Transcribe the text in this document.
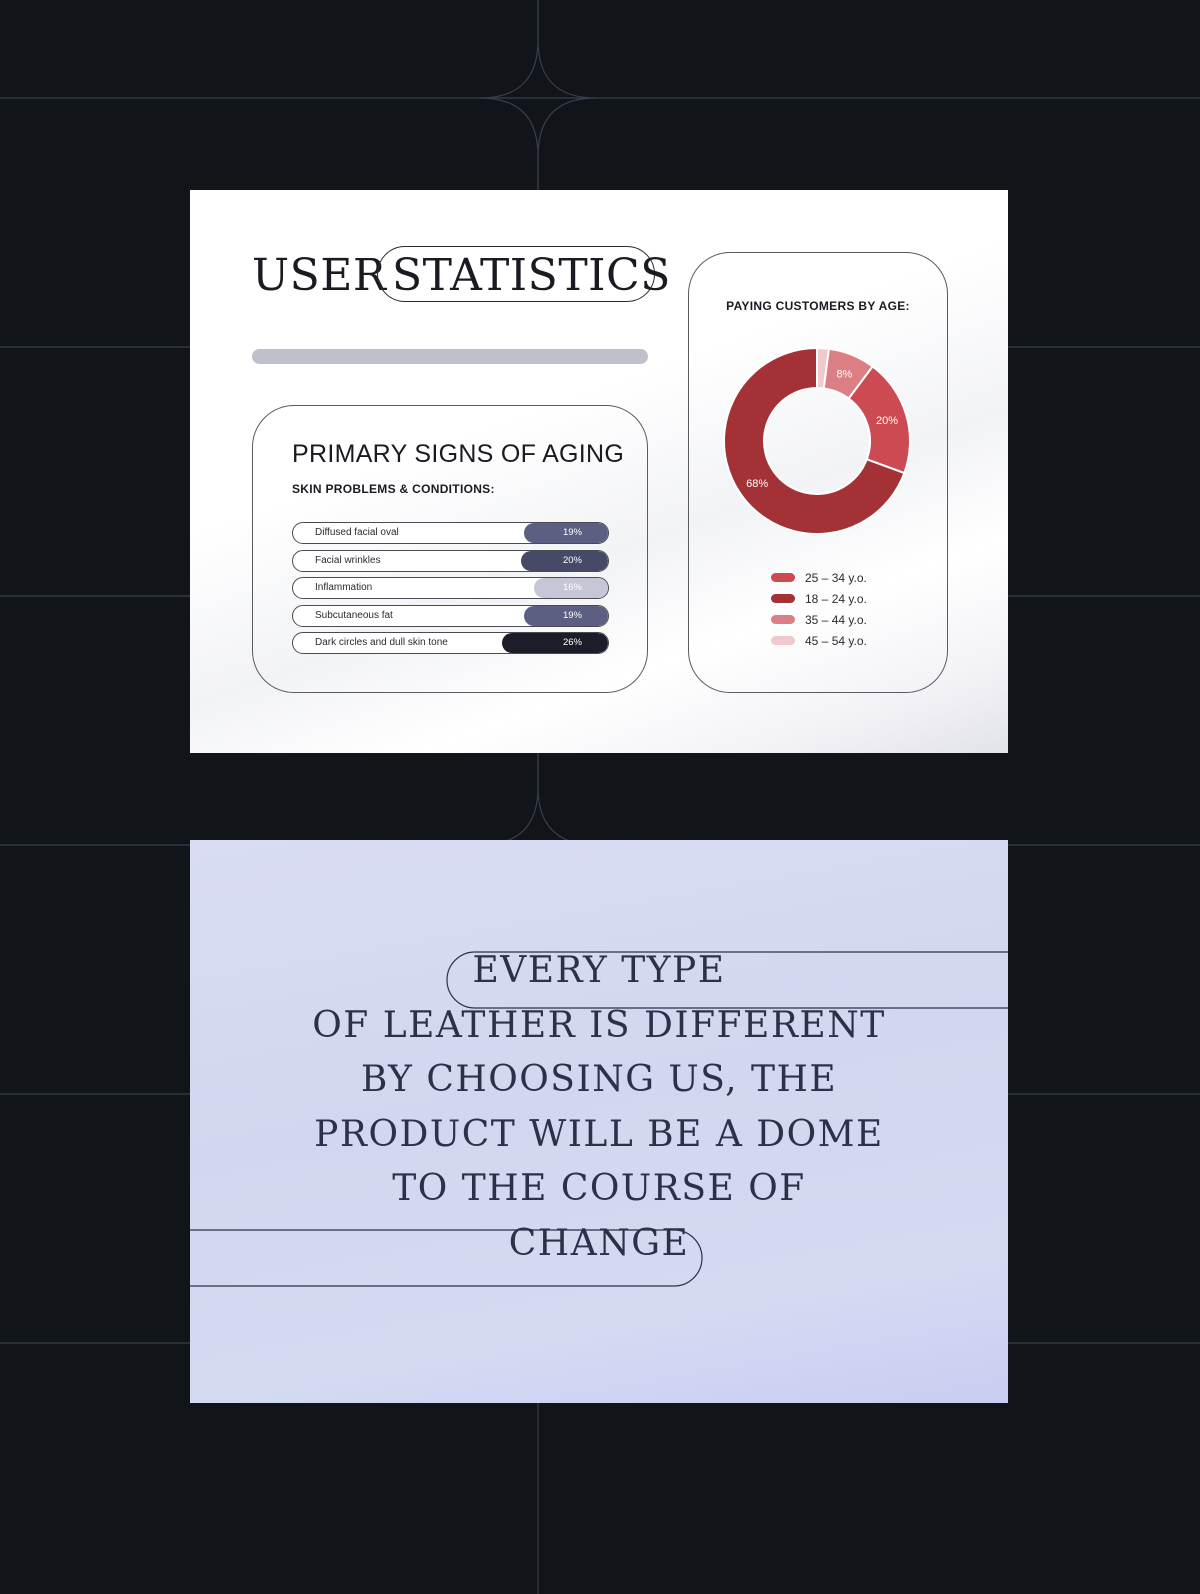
USER STATISTICS
PRIMARY SIGNS OF AGING
SKIN PROBLEMS & CONDITIONS:
Diffused facial oval	19%
Facial wrinkles	20%
Inflammation	16%
Subcutaneous fat	19%
Dark circles and dull skin tone	26%
PAYING CUSTOMERS BY AGE:
8%
20%
68%
25 – 34 y.o.
18 – 24 y.o.
35 – 44 y.o.
45 – 54 y.o.
EVERY TYPE
OF LEATHER IS DIFFERENT
BY CHOOSING US, THE
PRODUCT WILL BE A DOME
TO THE COURSE OF
CHANGE
